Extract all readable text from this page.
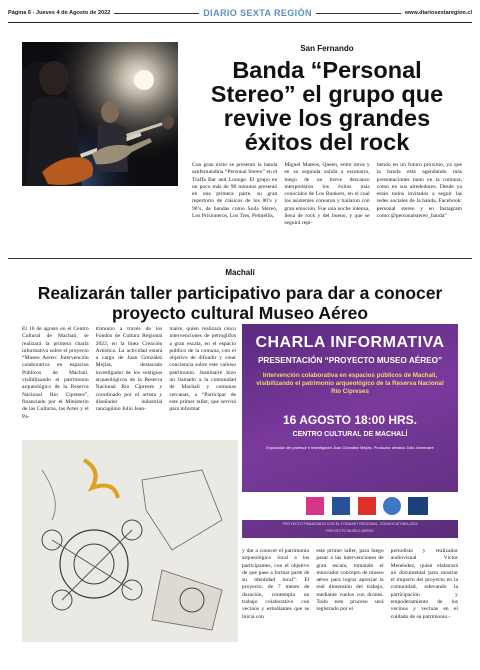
Página 6 - Jueves 4 de Agosto de 2022	DIARIO SEXTA REGIÓN	www.diariosextaregion.cl
San Fernando
Banda “Personal Stereo” el grupo que revive los grandes éxitos del rock

Con gran éxito se presentó la banda sanfernandina “Personal Stereo” en el Traffa Bar and Lounge. El grupo en un poco más de 90 minutos presentó en una primera parte, su gran repertorio de clásicos de los 80’s y 90’s, de bandas como Soda Stereo, Los Prisioneros, Los Tres, Petinellis,

Miguel Mateos, Queen, entre otros y en su segunda salida a escenario, luego de un breve descanso interpretaron los éxitos más conocidos de Los Bunkers, en el cual los asistentes corearon y bailaron con gran emoción. Fue una noche intensa, llena de rock y del bueno, y que se seguirá repi-

tiendo en un futuro próximo, ya que la banda está agendando más presentaciones tanto en la comuna, como en sus alrededores. Desde ya están todos invitados a seguir las redes sociales de la banda, Facebook: personal stereo y en Instagram como:@personalstereo_banda”

Machalí
Realizarán taller participativo para dar a conocer proyecto cultural Museo Aéreo

El 16 de agosto en el Centro Cultural de Machalí, se realizará la primera charla informativa sobre el proyecto “Museo Aéreo: Intervención colaborativa en espacios Públicos de Machali, visibilizando el patrimonio arqueológico de la Reserva Nacional Río Cipreses”, financiado por el Ministerio de las Culturas, las Artes y el Pa-

trimonio a través de los Fondos de Cultura Regional 2022, en la línea Creación Artística. La actividad estará a cargo de Juan González Mejías, destacado investigador de los vestigios arqueológicos de la Reserva Nacional Río Cipreses y coordinado por el artista y diseñador industrial rancagüino Julio Jean-

maire, quien realizará cinco intervenciones de petroglifos a gran escala, en el espacio público de la comuna, con el objetivo de difundir y crear conciencia sobre este valioso patrimonio. Jeanmaire hizo un llamado a la comunidad de Machalí y comunas cercanas, a “Participar de este primer taller, que servirá para informar

CHARLA INFORMATIVA
PRESENTACIÓN “PROYECTO MUSEO AÉREO”
Intervención colaborativa en espacios públicos de Machalí, visibilizando el patrimonio arqueológico de la Reserva Nacional Río Cipreses
16 AGOSTO 18:00 HRS.
CENTRO CULTURAL DE MACHALÍ
Exposición del profesor e investigador Juan González Mejías. Productor artístico Julio Jeanmaire
PROYECTO FINANCIADO CON EL FONDART REGIONAL, CONVOCATORIA 2022
PROYECTO MUSEO AÉREO

y dar a conocer el patrimonio arqueológico local a los participantes, con el objetivo de que pase a formar parte de su identidad local”. El proyecto, de 7 meses de duración, contempla un trabajo colaborativo con vecinos y estudiantes que se inicia con

este primer taller, para luego pasar a las intervenciones de gran escala, tomando el innovador concepto de museo aéreo para lograr apreciar la real dimensión del trabajo, mediante vuelos con drones. Todo este proceso será registrado por el

periodista y realizador audiovisual Víctor Menéndez, quien elaborará un documental para mostrar el impacto del proyecto en la comunidad, relevando la participación y empoderamiento de los vecinos y vecinas en el cuidado de su patrimonio.-
